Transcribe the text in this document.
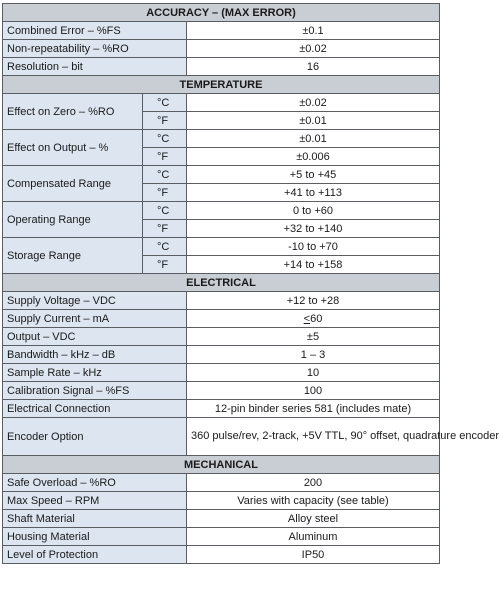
ACCURACY – (MAX ERROR)		
Combined Error – %FS		±0.1
Non-repeatability – %RO		±0.02
Resolution – bit		16
TEMPERATURE		
Effect on Zero – %RO	°C	±0.02
	°F	±0.01
Effect on Output – %	°C	±0.01
	°F	±0.006
Compensated Range	°C	+5 to +45
	°F	+41 to +113
Operating Range	°C	0 to +60
	°F	+32 to +140
Storage Range	°C	-10 to +70
	°F	+14 to +158
ELECTRICAL		
Supply Voltage – VDC		+12 to +28
Supply Current – mA		<60
Output – VDC		±5
Bandwidth – kHz – dB		1 – 3
Sample Rate – kHz		10
Calibration Signal – %FS		100
Electrical Connection		12-pin binder series 581 (includes mate)
Encoder Option		360 pulse/rev, 2-track, +5V TTL, 90° offset, quadrature encoder
MECHANICAL		
Safe Overload – %RO		200
Max Speed – RPM		Varies with capacity (see table)
Shaft Material		Alloy steel
Housing Material		Aluminum
Level of Protection		IP50
